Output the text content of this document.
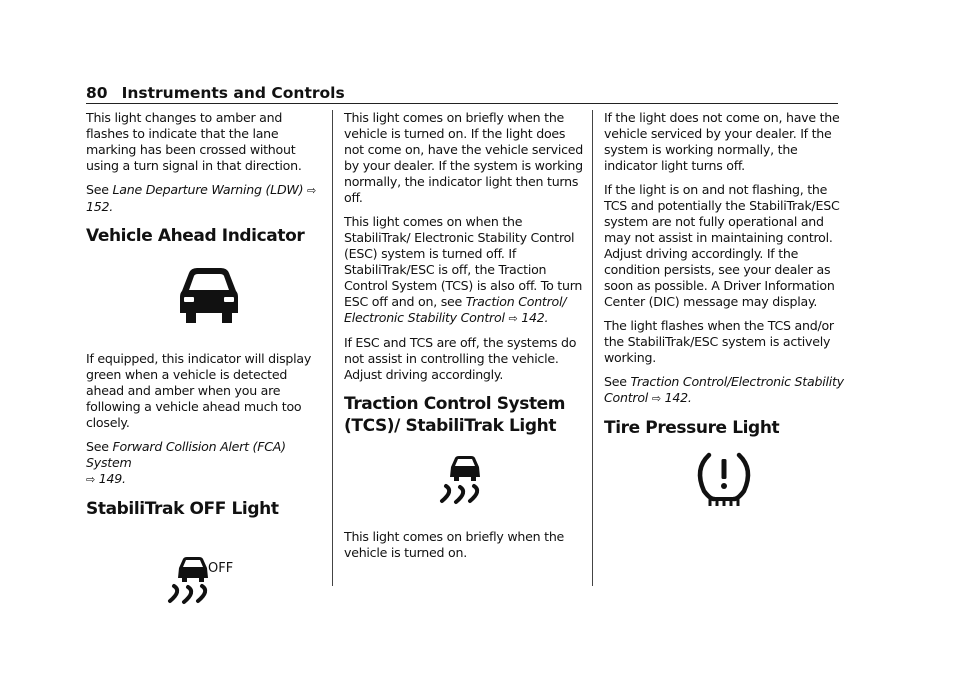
80 Instruments and Controls

This light changes to amber and flashes to indicate that the lane marking has been crossed without using a turn signal in that direction.

See Lane Departure Warning (LDW) ⇨ 152.

Vehicle Ahead Indicator

If equipped, this indicator will display green when a vehicle is detected ahead and amber when you are following a vehicle ahead much too closely.

See Forward Collision Alert (FCA) System
⇨ 149.

StabiliTrak OFF Light
OFF

This light comes on briefly when the vehicle is turned on. If the light does not come on, have the vehicle serviced by your dealer. If the system is working normally, the indicator light then turns off.

This light comes on when the StabiliTrak/ Electronic Stability Control (ESC) system is turned off. If StabiliTrak/ESC is off, the Traction Control System (TCS) is also off. To turn ESC off and on, see Traction Control/ Electronic Stability Control ⇨ 142.

If ESC and TCS are off, the systems do not assist in controlling the vehicle. Adjust driving accordingly.

Traction Control System (TCS)/ StabiliTrak Light

This light comes on briefly when the vehicle is turned on.

If the light does not come on, have the vehicle serviced by your dealer. If the system is working normally, the indicator light turns off.

If the light is on and not flashing, the TCS and potentially the StabiliTrak/ESC system are not fully operational and may not assist in maintaining control. Adjust driving accordingly. If the condition persists, see your dealer as soon as possible. A Driver Information Center (DIC) message may display.

The light flashes when the TCS and/or the StabiliTrak/ESC system is actively working.

See Traction Control/Electronic Stability Control ⇨ 142.

Tire Pressure Light
